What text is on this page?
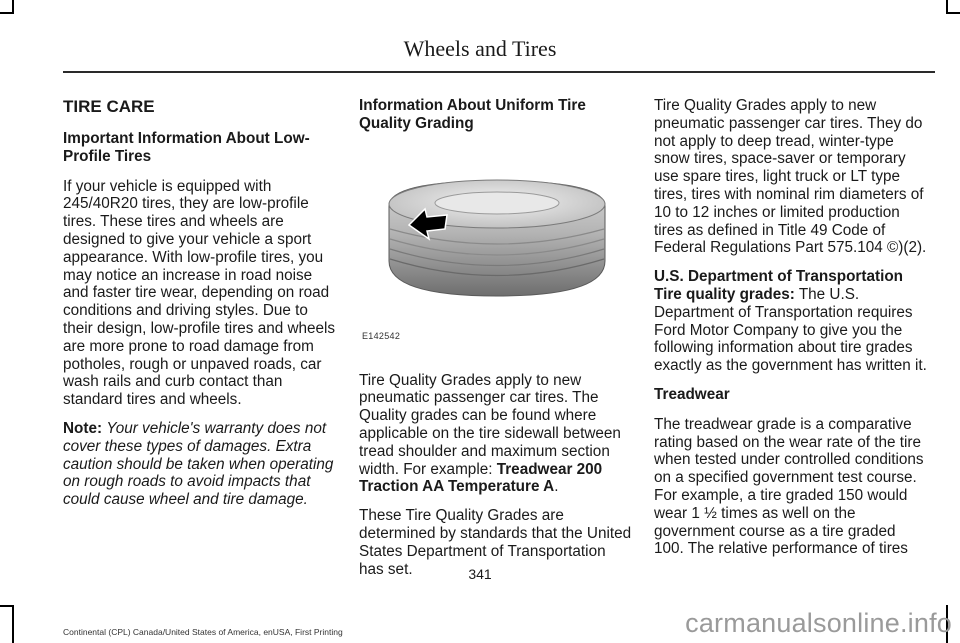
Wheels and Tires
TIRE CARE
Important Information About Low-Profile Tires

If your vehicle is equipped with 245/40R20 tires, they are low-profile tires. These tires and wheels are designed to give your vehicle a sport appearance. With low-profile tires, you may notice an increase in road noise and faster tire wear, depending on road conditions and driving styles. Due to their design, low-profile tires and wheels are more prone to road damage from potholes, rough or unpaved roads, car wash rails and curb contact than standard tires and wheels.

Note: Your vehicle's warranty does not cover these types of damages. Extra caution should be taken when operating on rough roads to avoid impacts that could cause wheel and tire damage.

Information About Uniform Tire Quality Grading
E142542

Tire Quality Grades apply to new pneumatic passenger car tires. The Quality grades can be found where applicable on the tire sidewall between tread shoulder and maximum section width. For example: Treadwear 200 Traction AA Temperature A.

These Tire Quality Grades are determined by standards that the United States Department of Transportation has set.

Tire Quality Grades apply to new pneumatic passenger car tires. They do not apply to deep tread, winter-type snow tires, space-saver or temporary use spare tires, light truck or LT type tires, tires with nominal rim diameters of 10 to 12 inches or limited production tires as defined in Title 49 Code of Federal Regulations Part 575.104 ©)(2).

U.S. Department of Transportation Tire quality grades: The U.S. Department of Transportation requires Ford Motor Company to give you the following information about tire grades exactly as the government has written it.

Treadwear

The treadwear grade is a comparative rating based on the wear rate of the tire when tested under controlled conditions on a specified government test course. For example, a tire graded 150 would wear 1 ½ times as well on the government course as a tire graded 100. The relative performance of tires

341
Continental (CPL) Canada/United States of America, enUSA, First Printing	carmanualsonline.info
